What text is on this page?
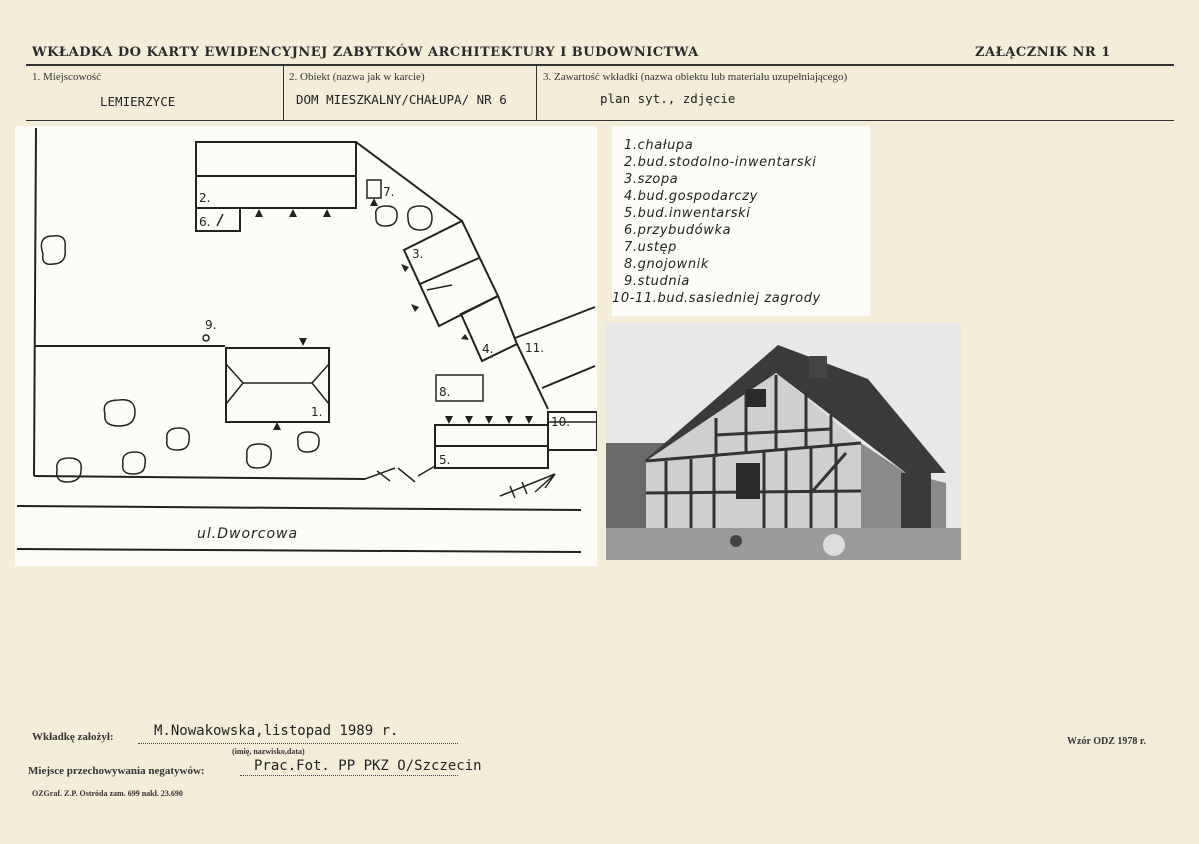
WKŁADKA DO KARTY EWIDENCYJNEJ ZABYTKÓW ARCHITEKTURY I BUDOWNICTWA	ZAŁĄCZNIK NR 1
1. Miejscowość
LEMIERZYCE
2. Obiekt (nazwa jak w karcie)
DOM MIESZKALNY/CHAŁUPA/ NR 6
3. Zawartość wkładki (nazwa obiektu lub materiału uzupełniającego)
plan syt., zdjęcie
2.
6.
7.
3.
4.	11.
9.
8.
1.
10.
5.
ul.Dworcowa
1.chałupa
2.bud.stodolno-inwentarski
3.szopa
4.bud.gospodarczy
5.bud.inwentarski
6.przybudówka
7.ustęp
8.gnojownik
9.studnia
10-11.bud.sasiedniej zagrody
Wkładkę założył:	M.Nowakowska,listopad 1989 r.
(imię, nazwisko,data)
Miejsce przechowywania negatywów:	Prac.Fot. PP PKZ O/Szczecin
OZGraf. Z.P. Ostróda zam. 699 nakł. 23.690
Wzór ODZ 1978 r.
